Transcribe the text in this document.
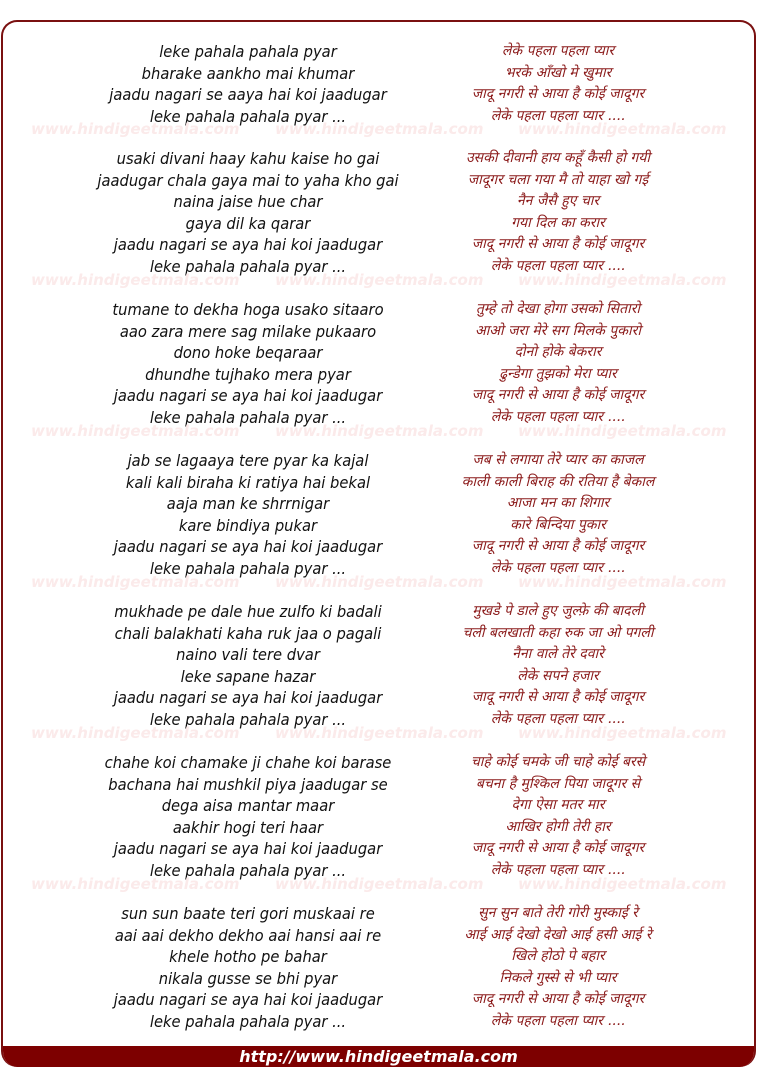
leke pahala pahala pyar	लेके पहला पहला प्यार
bharake aankho mai khumar	भरके आँखो मे खुमार
jaadu nagari se aaya hai koi jaadugar	जादू नगरी से आया है कोई जादूगर
leke pahala pahala pyar ...	लेके पहला पहला प्यार ....
usaki divani haay kahu kaise ho gai	उसकी दीवानी हाय कहूँ कैसी हो गयी
jaadugar chala gaya mai to yaha kho gai	जादूगर चला गया मै तो याहा खो गई
naina jaise hue char	नैन जैसै हुए चार
gaya dil ka qarar	गया दिल का करार
jaadu nagari se aya hai koi jaadugar	जादू नगरी से आया है कोई जादूगर
leke pahala pahala pyar ...	लेके पहला पहला प्यार ....
tumane to dekha hoga usako sitaaro	तुम्हे तो देखा होगा उसको सितारो
aao zara mere sag milake pukaaro	आओ जरा मेरे सग मिलके पुकारो
dono hoke beqaraar	दोनो होके बेकरार
dhundhe tujhako mera pyar	ढुन्डेगा तुझको मेरा प्यार
jaadu nagari se aya hai koi jaadugar	जादू नगरी से आया है कोई जादूगर
leke pahala pahala pyar ...	लेके पहला पहला प्यार ....
jab se lagaaya tere pyar ka kajal	जब से लगाया तेरे प्यार का काजल
kali kali biraha ki ratiya hai bekal	काली काली बिराह की रतिया है बेकाल
aaja man ke shrrnigar	आजा मन का शिगार
kare bindiya pukar	कारे बिन्दिया पुकार
jaadu nagari se aya hai koi jaadugar	जादू नगरी से आया है कोई जादूगर
leke pahala pahala pyar ...	लेके पहला पहला प्यार ....
mukhade pe dale hue zulfo ki badali	मुखडे पे डाले हुए जुल्फ़े की बादली
chali balakhati kaha ruk jaa o pagali	चली बलखाती कहा रुक जा ओ पगली
naino vali tere dvar	नैना वाले तेरे दवारे
leke sapane hazar	लेके सपने हजार
jaadu nagari se aya hai koi jaadugar	जादू नगरी से आया है कोई जादूगर
leke pahala pahala pyar ...	लेके पहला पहला प्यार ....
chahe koi chamake ji chahe koi barase	चाहे कोई चमके जी चाहे कोई बरसे
bachana hai mushkil piya jaadugar se	बचना है मुश्किल पिया जादूगर से
dega aisa mantar maar	देगा ऐसा मतर मार
aakhir hogi teri haar	आखिर होगी तेरी हार
jaadu nagari se aya hai koi jaadugar	जादू नगरी से आया है कोई जादूगर
leke pahala pahala pyar ...	लेके पहला पहला प्यार ....
sun sun baate teri gori muskaai re	सुन सुन बाते तेरी गोरी मुस्काई रे
aai aai dekho dekho aai hansi aai re	आई आई देखो देखो आई हसी आई रे
khele hotho pe bahar	खिले होठो पे बहार
nikala gusse se bhi pyar	निकले गुस्से से भी प्यार
jaadu nagari se aya hai koi jaadugar	जादू नगरी से आया है कोई जादूगर
leke pahala pahala pyar ...	लेके पहला पहला प्यार ....
www.hindigeetmala.com www.hindigeetmala.com www.hindigeetmala.com
www.hindigeetmala.com www.hindigeetmala.com www.hindigeetmala.com
www.hindigeetmala.com www.hindigeetmala.com www.hindigeetmala.com
www.hindigeetmala.com www.hindigeetmala.com www.hindigeetmala.com
www.hindigeetmala.com www.hindigeetmala.com www.hindigeetmala.com
www.hindigeetmala.com www.hindigeetmala.com www.hindigeetmala.com
http://www.hindigeetmala.com
